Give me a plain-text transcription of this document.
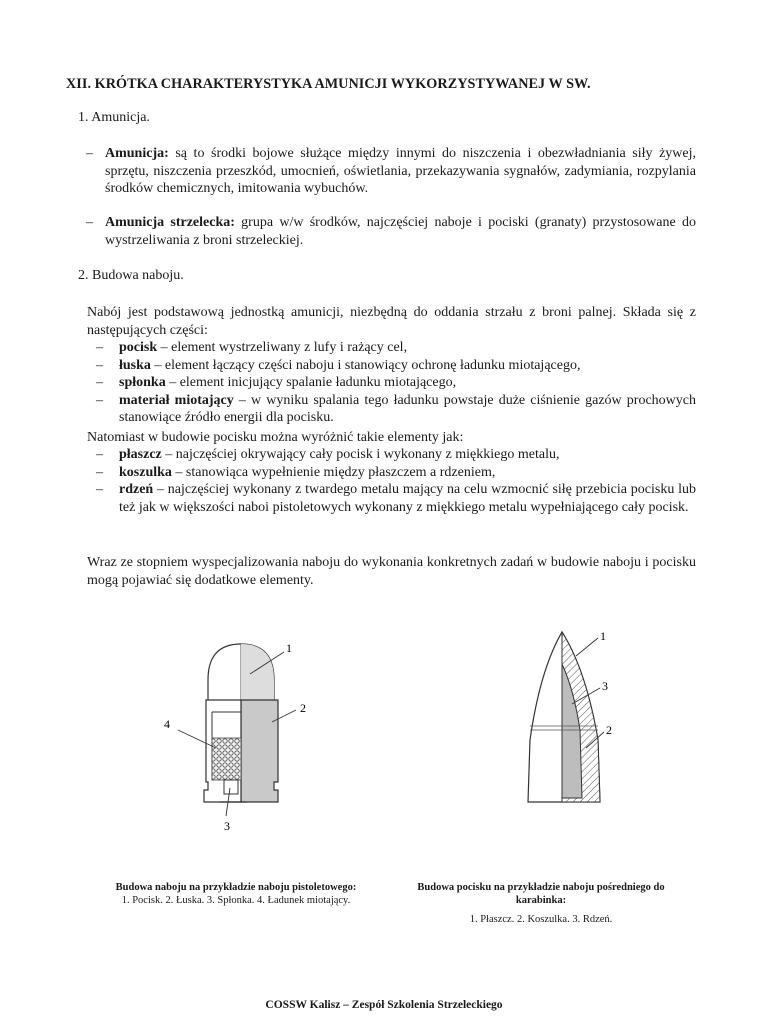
XII. KRÓTKA CHARAKTERYSTYKA AMUNICJI WYKORZYSTYWANEJ W SW.
1. Amunicja.
– Amunicja: są to środki bojowe służące między innymi do niszczenia i obezwładniania siły żywej, sprzętu, niszczenia przeszkód, umocnień, oświetlania, przekazywania sygnałów, zadymiania, rozpylania środków chemicznych, imitowania wybuchów.
– Amunicja strzelecka: grupa w/w środków, najczęściej naboje i pociski (granaty) przystosowane do wystrzeliwania z broni strzeleckiej.
2. Budowa naboju.
Nabój jest podstawową jednostką amunicji, niezbędną do oddania strzału z broni palnej. Składa się z następujących części:
– pocisk – element wystrzeliwany z lufy i rażący cel,
– łuska – element łączący części naboju i stanowiący ochronę ładunku miotającego,
– spłonka – element inicjujący spalanie ładunku miotającego,
– materiał miotający – w wyniku spalania tego ładunku powstaje duże ciśnienie gazów prochowych stanowiące źródło energii dla pocisku.
Natomiast w budowie pocisku można wyróżnić takie elementy jak:
– płaszcz – najczęściej okrywający cały pocisk i wykonany z miękkiego metalu,
– koszulka – stanowiąca wypełnienie między płaszczem a rdzeniem,
– rdzeń – najczęściej wykonany z twardego metalu mający na celu wzmocnić siłę przebicia pocisku lub też jak w większości naboi pistoletowych wykonany z miękkiego metalu wypełniającego cały pocisk.
Wraz ze stopniem wyspecjalizowania naboju do wykonania konkretnych zadań w budowie naboju i pocisku mogą pojawiać się dodatkowe elementy.
1
2
3
4
1
3
2
Budowa naboju na przykładzie naboju pistoletowego:
1. Pocisk. 2. Łuska. 3. Spłonka. 4. Ładunek miotający.
Budowa pocisku na przykładzie naboju pośredniego do karabinka:
1. Płaszcz. 2. Koszulka. 3. Rdzeń.
COSSW Kalisz – Zespół Szkolenia Strzeleckiego
